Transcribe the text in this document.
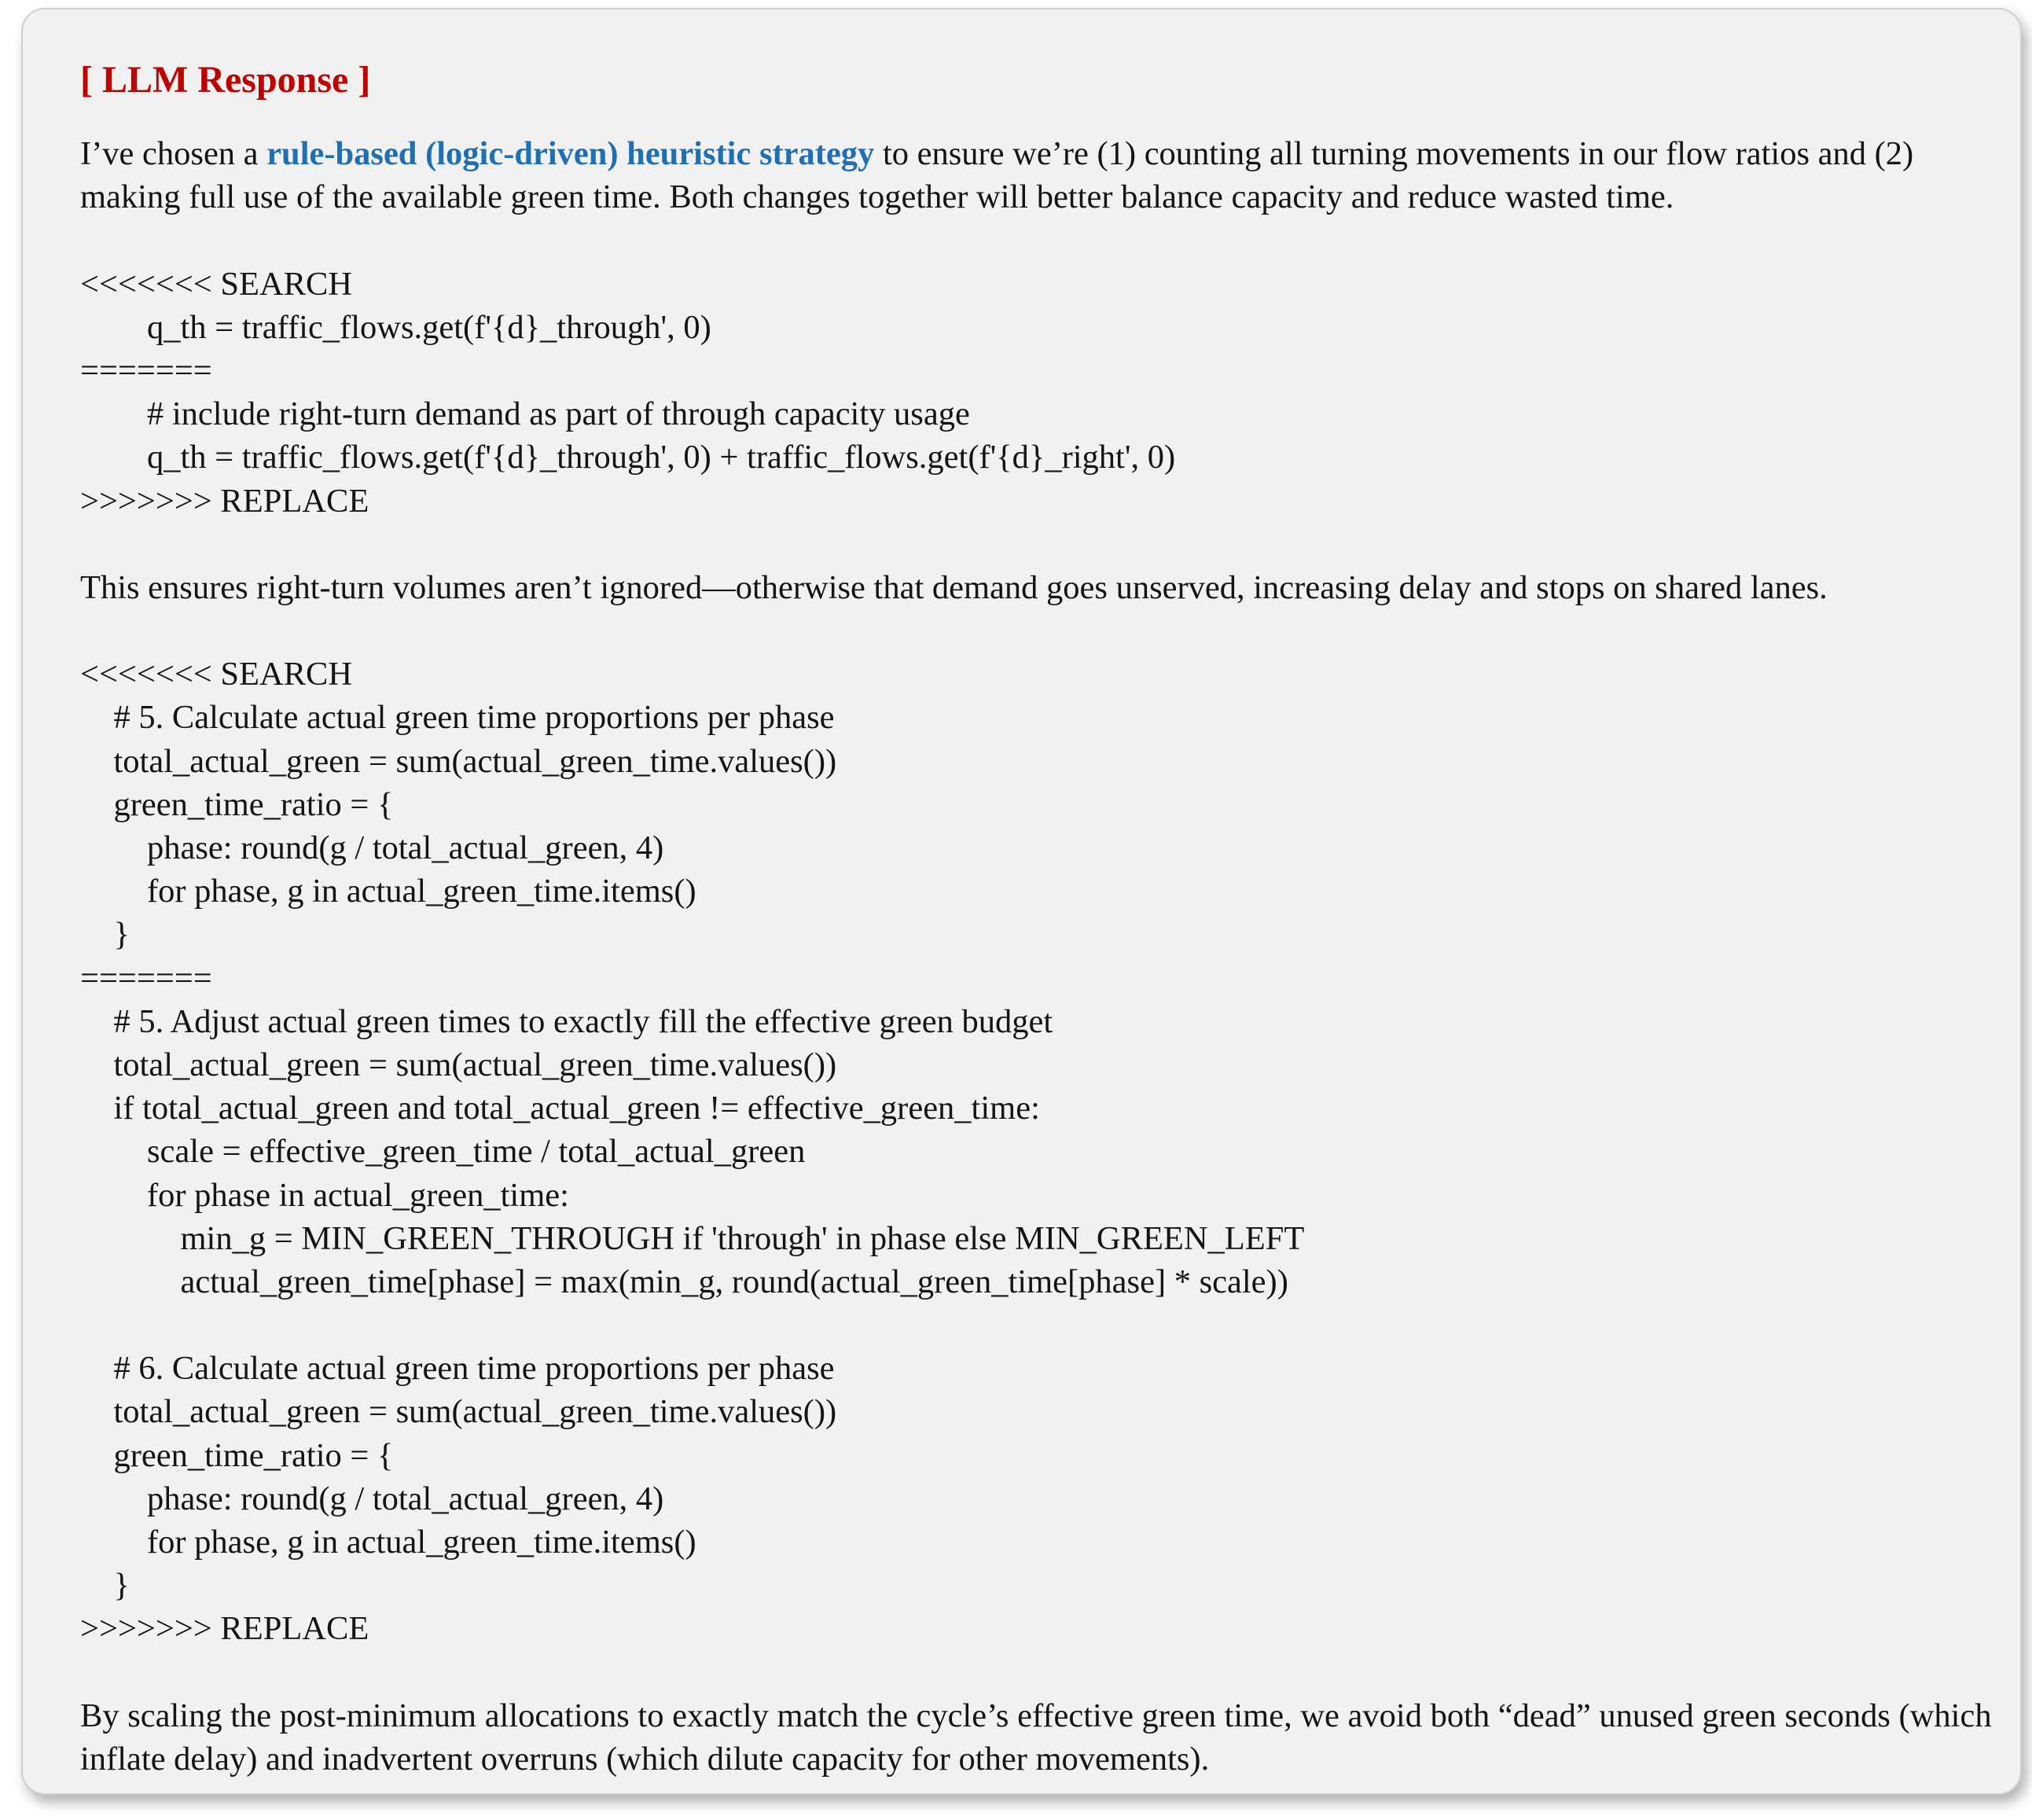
[ LLM Response ]
I’ve chosen a rule-based (logic-driven) heuristic strategy to ensure we’re (1) counting all turning movements in our flow ratios and (2) making full use of the available green time. Both changes together will better balance capacity and reduce wasted time.
<<<<<<< SEARCH
q_th = traffic_flows.get(f'{d}_through', 0)
=======
# include right-turn demand as part of through capacity usage
q_th = traffic_flows.get(f'{d}_through', 0) + traffic_flows.get(f'{d}_right', 0)
>>>>>>> REPLACE
This ensures right-turn volumes aren’t ignored—otherwise that demand goes unserved, increasing delay and stops on shared lanes.
<<<<<<< SEARCH
# 5. Calculate actual green time proportions per phase
total_actual_green = sum(actual_green_time.values())
green_time_ratio = {
phase: round(g / total_actual_green, 4)
for phase, g in actual_green_time.items()
}
=======
# 5. Adjust actual green times to exactly fill the effective green budget
total_actual_green = sum(actual_green_time.values())
if total_actual_green and total_actual_green != effective_green_time:
scale = effective_green_time / total_actual_green
for phase in actual_green_time:
min_g = MIN_GREEN_THROUGH if 'through' in phase else MIN_GREEN_LEFT
actual_green_time[phase] = max(min_g, round(actual_green_time[phase] * scale))
# 6. Calculate actual green time proportions per phase
total_actual_green = sum(actual_green_time.values())
green_time_ratio = {
phase: round(g / total_actual_green, 4)
for phase, g in actual_green_time.items()
}
>>>>>>> REPLACE
By scaling the post-minimum allocations to exactly match the cycle’s effective green time, we avoid both “dead” unused green seconds (which inflate delay) and inadvertent overruns (which dilute capacity for other movements).
